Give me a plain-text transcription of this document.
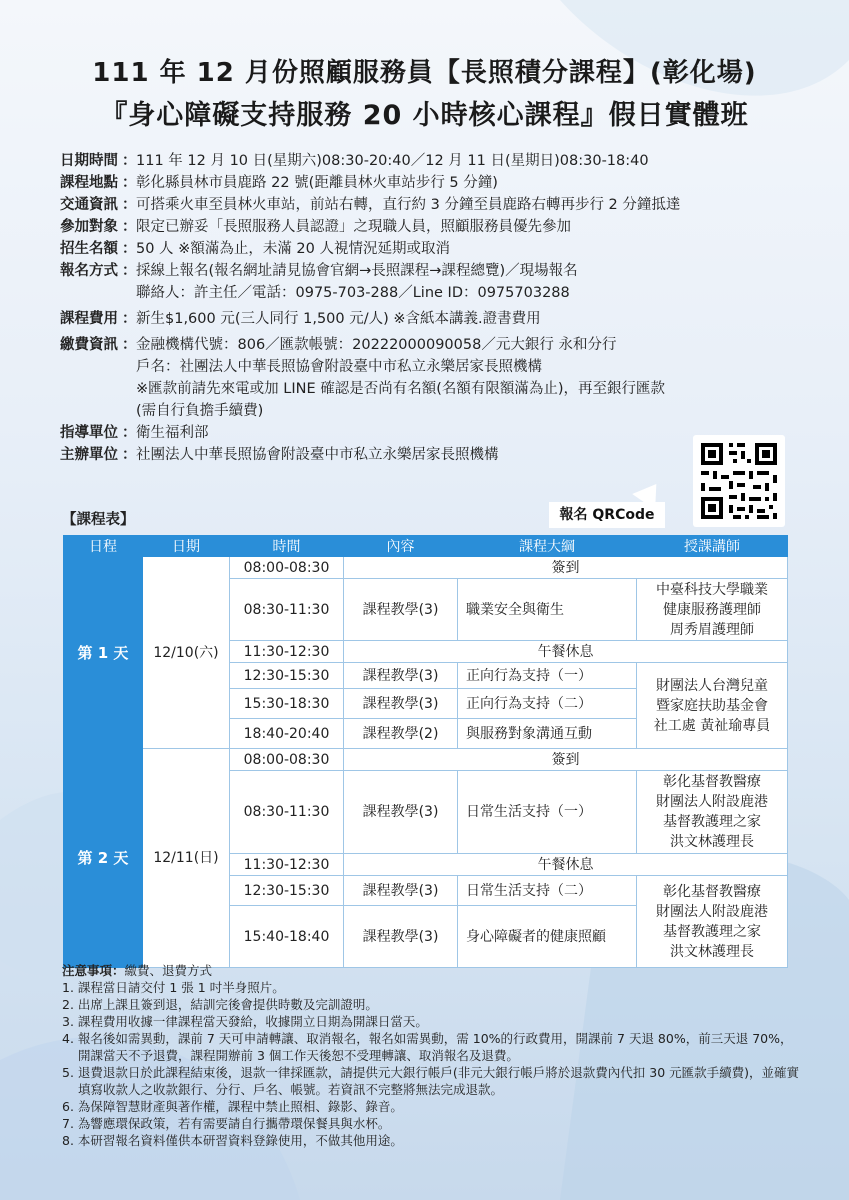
111 年 12 月份照顧服務員【長照積分課程】(彰化場)
『身心障礙支持服務 20 小時核心課程』假日實體班
日期時間 ： 111 年 12 月 10 日(星期六)08:30-20:40／12 月 11 日(星期日)08:30-18:40
課程地點 ： 彰化縣員林市員鹿路 22 號(距離員林火車站步行 5 分鐘)
交通資訊 ： 可搭乘火車至員林火車站，前站右轉，直行約 3 分鐘至員鹿路右轉再步行 2 分鐘抵達
參加對象 ： 限定已辦妥「長照服務人員認證」之現職人員，照顧服務員優先參加
招生名額 ： 50 人 ※額滿為止，未滿 20 人視情況延期或取消
報名方式 ： 採線上報名(報名網址請見協會官網→長照課程→課程總覽)／現場報名
聯絡人：許主任／電話：0975-703-288／Line ID：0975703288
課程費用 ： 新生$1,600 元(三人同行 1,500 元/人) ※含紙本講義.證書費用
繳費資訊 ： 金融機構代號：806／匯款帳號：20222000090058／元大銀行 永和分行
戶名：社團法人中華長照協會附設臺中市私立永樂居家長照機構
※匯款前請先來電或加 LINE 確認是否尚有名額(名額有限額滿為止)，再至銀行匯款
(需自行負擔手續費)
指導單位 ： 衛生福利部
主辦單位 ： 社團法人中華長照協會附設臺中市私立永樂居家長照機構
報名 QRCode
【課程表】
日程	日期	時間	內容	課程大綱	授課講師
第 1 天	12/10(六)	08:00-08:30	簽到		
		08:30-11:30	課程教學(3)	職業安全與衛生	中臺科技大學職業
健康服務護理師
周秀眉護理師

		11:30-12:30	午餐休息		
		12:30-15:30	課程教學(3)	正向行為支持（一）	財團法人台灣兒童
暨家庭扶助基金會
社工處 黃祉瑜專員

		15:30-18:30	課程教學(3)	正向行為支持（二）	
		18:40-20:40	課程教學(2)	與服務對象溝通互動	
第 2 天	12/11(日)	08:00-08:30	簽到		
		08:30-11:30	課程教學(3)	日常生活支持（一）	彰化基督教醫療
財團法人附設鹿港
基督教護理之家
洪文林護理長

		11:30-12:30	午餐休息		
		12:30-15:30	課程教學(3)	日常生活支持（二）	彰化基督教醫療
財團法人附設鹿港
基督教護理之家
洪文林護理長

		15:40-18:40	課程教學(3)	身心障礙者的健康照顧	
注意事項：繳費、退費方式
1. 課程當日請交付 1 張 1 吋半身照片。
2. 出席上課且簽到退，結訓完後會提供時數及完訓證明。
3. 課程費用收據一律課程當天發給，收據開立日期為開課日當天。
4. 報名後如需異動，課前 7 天可申請轉讓、取消報名，報名如需異動，需 10%的行政費用，開課前 7 天退 80%，前三天退 70%，開課當天不予退費，課程開辦前 3 個工作天後恕不受理轉讓、取消報名及退費。
5. 退費退款日於此課程結束後，退款一律採匯款，請提供元大銀行帳戶(非元大銀行帳戶將於退款費內代扣 30 元匯款手續費)，並確實填寫收款人之收款銀行、分行、戶名、帳號。若資訊不完整將無法完成退款。
6. 為保障智慧財產與著作權，課程中禁止照相、錄影、錄音。
7. 為響應環保政策，若有需要請自行攜帶環保餐具與水杯。
8. 本研習報名資料僅供本研習資料登錄使用，不做其他用途。
